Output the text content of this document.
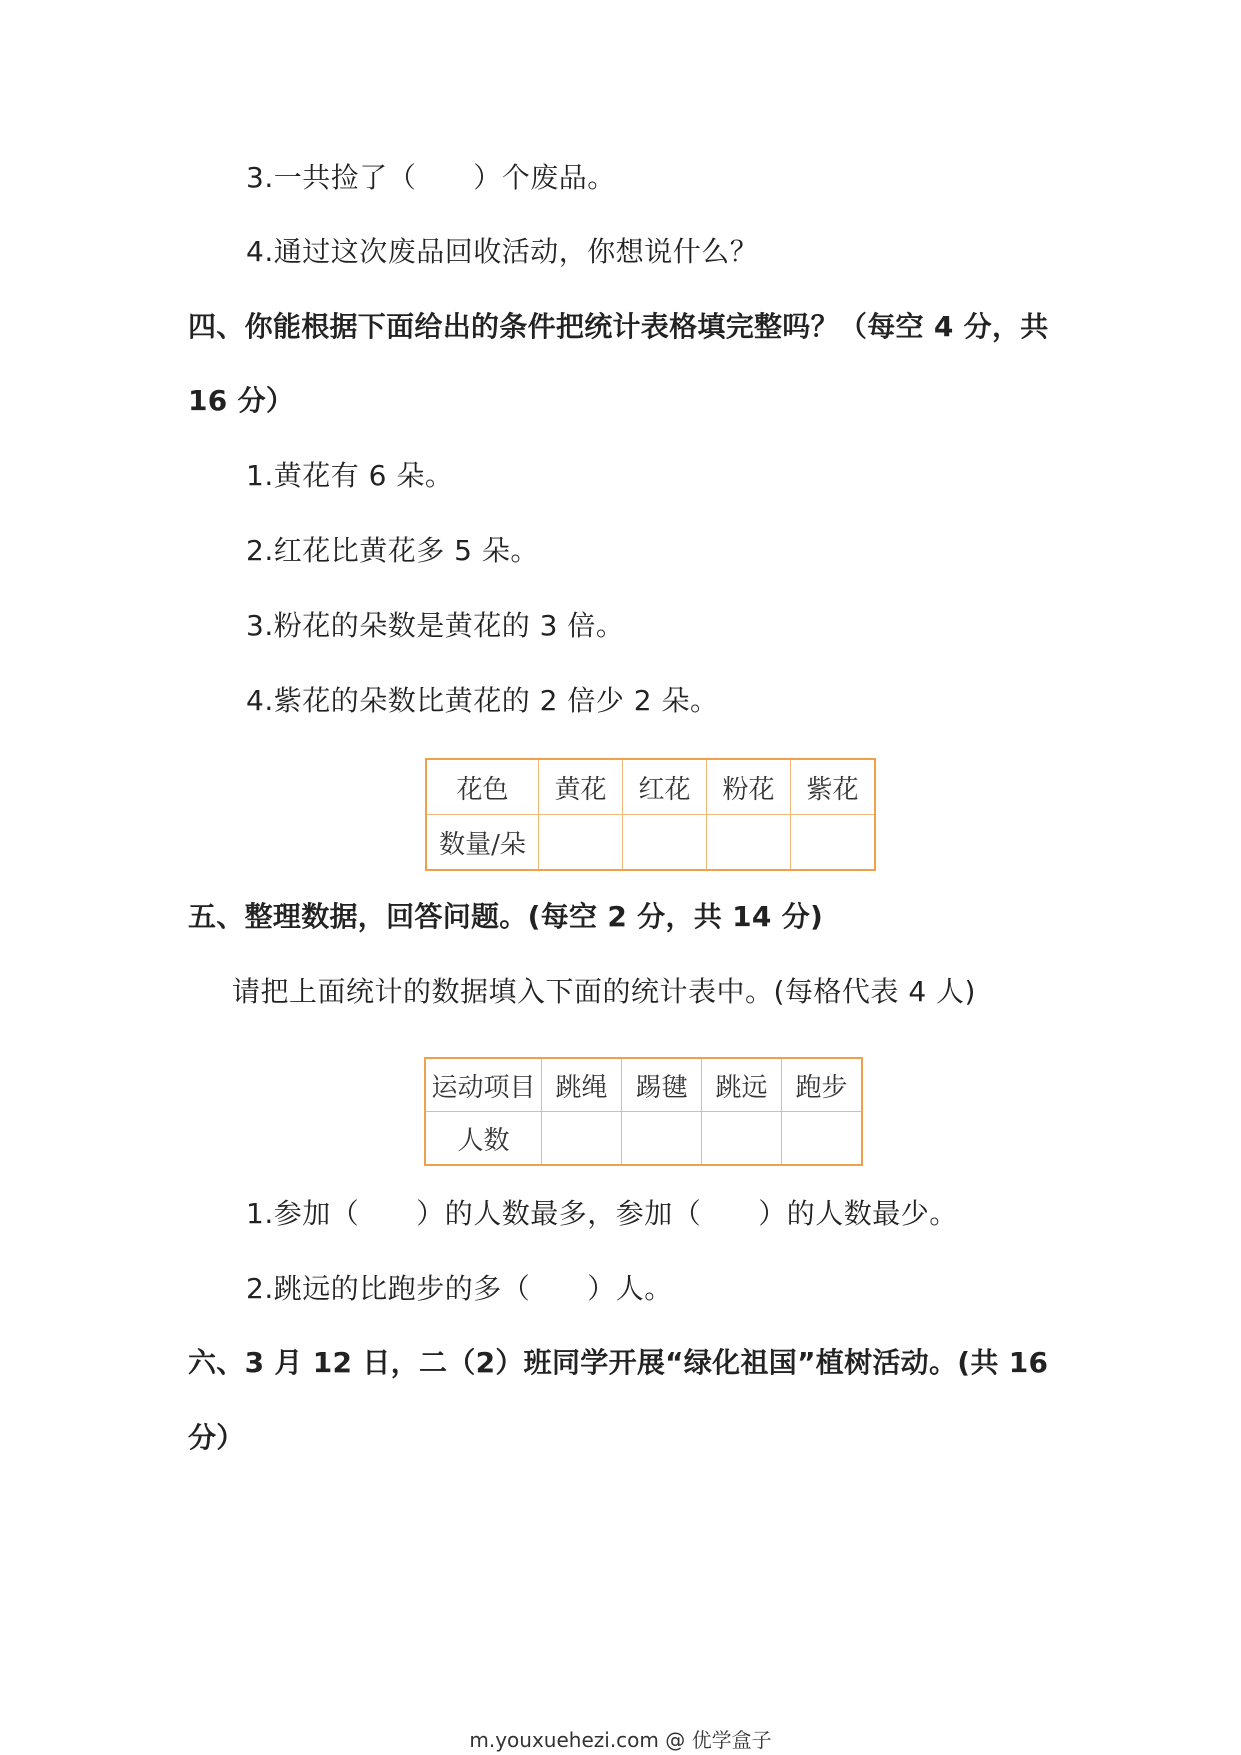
3.一共捡了（　　）个废品。
4.通过这次废品回收活动，你想说什么？
四、你能根据下面给出的条件把统计表格填完整吗？（每空 4 分，共
16 分）
1.黄花有 6 朵。
2.红花比黄花多 5 朵。
3.粉花的朵数是黄花的 3 倍。
4.紫花的朵数比黄花的 2 倍少 2 朵。
花色	黄花	红花	粉花	紫花
数量/朵				
五、整理数据，回答问题。(每空 2 分，共 14 分)
请把上面统计的数据填入下面的统计表中。(每格代表 4 人)
运动项目	跳绳	踢毽	跳远	跑步
人数				
1.参加（　　）的人数最多，参加（　　）的人数最少。
2.跳远的比跑步的多（　　）人。
六、3 月 12 日，二（2）班同学开展“绿化祖国”植树活动。(共 16
分）
m.youxuehezi.com @ 优学盒子
